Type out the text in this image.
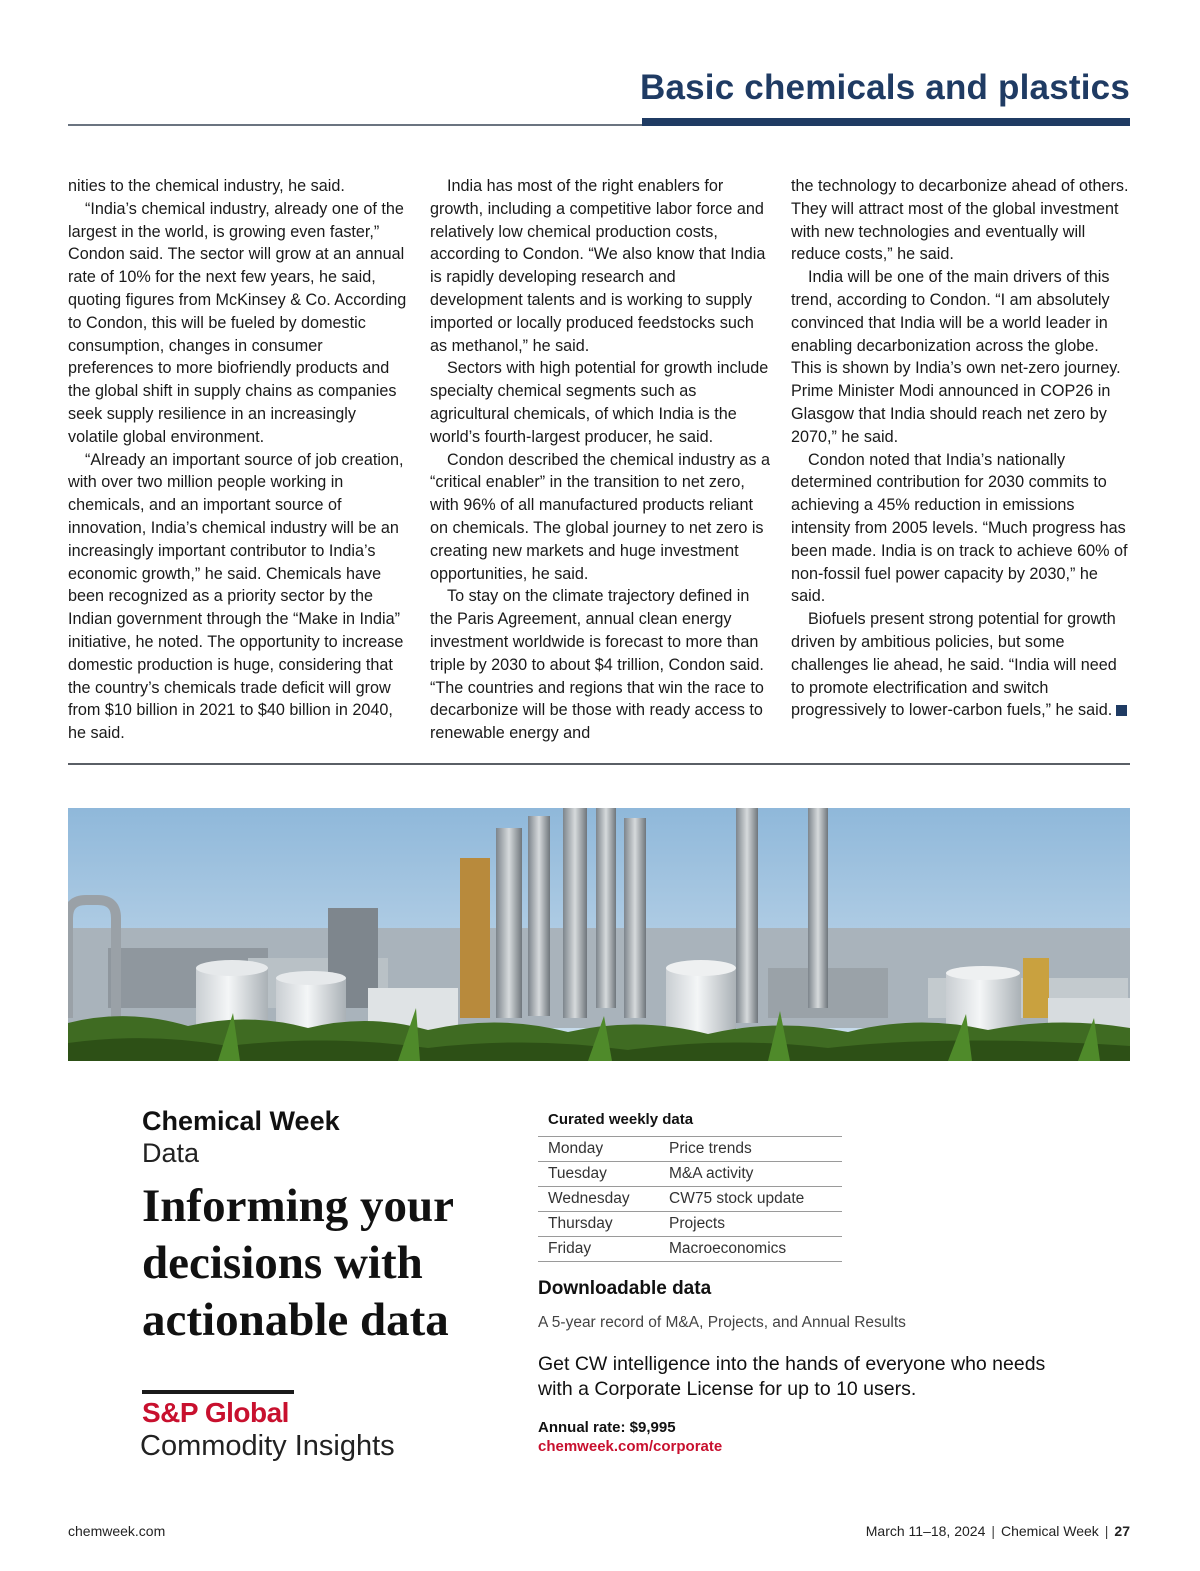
Basic chemicals and plastics

nities to the chemical industry, he said.

“India’s chemical industry, already one of the largest in the world, is growing even faster,” Condon said. The sector will grow at an annual rate of 10% for the next few years, he said, quoting figures from McKinsey & Co. According to Condon, this will be fueled by domestic consumption, changes in consumer preferences to more biofriendly products and the global shift in supply chains as companies seek supply resilience in an increasingly volatile global environment.

“Already an important source of job creation, with over two million people working in chemicals, and an important source of innovation, India’s chemical industry will be an increasingly important contributor to India’s economic growth,” he said. Chemicals have been recognized as a priority sector by the Indian government through the “Make in India” initiative, he noted. The opportunity to increase domestic production is huge, considering that the country’s chemicals trade deficit will grow from $10 billion in 2021 to $40 billion in 2040, he said.

India has most of the right enablers for growth, including a competitive labor force and relatively low chemical production costs, according to Condon. “We also know that India is rapidly developing research and development talents and is working to supply imported or locally produced feedstocks such as methanol,” he said.

Sectors with high potential for growth include specialty chemical segments such as agricultural chemicals, of which India is the world’s fourth-largest producer, he said.

Condon described the chemical industry as a “critical enabler” in the transition to net zero, with 96% of all manufactured products reliant on chemicals. The global journey to net zero is creating new markets and huge investment opportunities, he said.

To stay on the climate trajectory defined in the Paris Agreement, annual clean energy investment worldwide is forecast to more than triple by 2030 to about $4 trillion, Condon said. “The countries and regions that win the race to decarbonize will be those with ready access to renewable energy and

the technology to decarbonize ahead of others. They will attract most of the global investment with new technologies and eventually will reduce costs,” he said.

India will be one of the main drivers of this trend, according to Condon. “I am absolutely convinced that India will be a world leader in enabling decarbonization across the globe. This is shown by India’s own net-zero journey. Prime Minister Modi announced in COP26 in Glasgow that India should reach net zero by 2070,” he said.

Condon noted that India’s nationally determined contribution for 2030 commits to achieving a 45% reduction in emissions intensity from 2005 levels. “Much progress has been made. India is on track to achieve 60% of non-fossil fuel power capacity by 2030,” he said.

Biofuels present strong potential for growth driven by ambitious policies, but some challenges lie ahead, he said. “India will need to promote electrification and switch progressively to lower-carbon fuels,” he said.

Chemical Week
Data
Informing your decisions with actionable data
S&P Global
Commodity Insights
Curated weekly data
Monday	Price trends
Tuesday	M&A activity
Wednesday	CW75 stock update
Thursday	Projects
Friday	Macroeconomics
Downloadable data
A 5-year record of M&A, Projects, and Annual Results
Get CW intelligence into the hands of everyone who needs with a Corporate License for up to 10 users.
Annual rate: $9,995
chemweek.com/corporate
chemweek.com	March 11–18, 2024 | Chemical Week | 27
